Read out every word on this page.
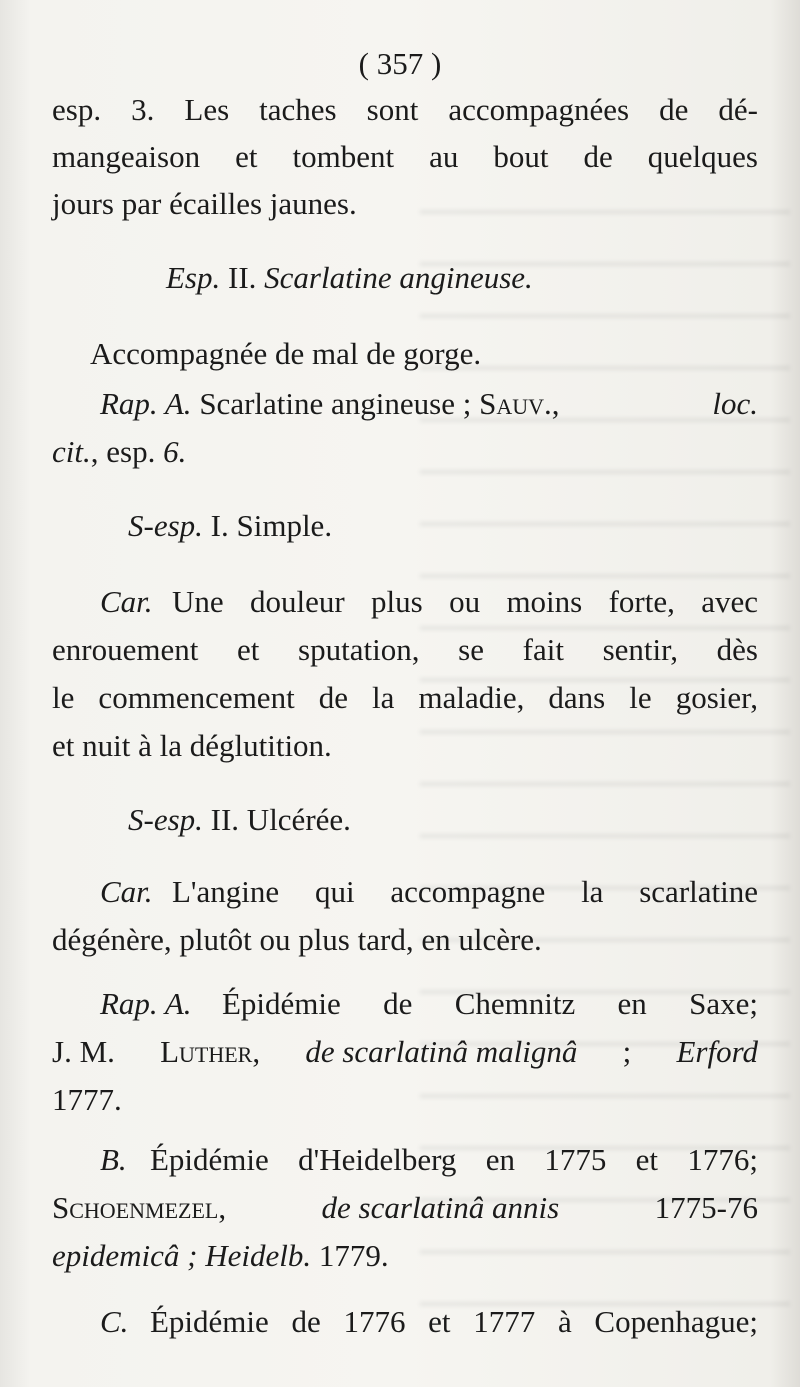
( 357 )
esp. 3. Les taches sont accompagnées de dé-
mangeaison et tombent au bout de quelques
jours par écailles jaunes.
Esp. II. Scarlatine angineuse.
Accompagnée de mal de gorge.
Rap. A. Scarlatine angineuse ; Sauv.,	loc.
cit., esp. 6.
S-esp. I. Simple.
Car. Une douleur plus ou moins forte, avec
enrouement et sputation, se fait sentir, dès
le commencement de la maladie, dans le gosier,
et nuit à la déglutition.
S-esp. II. Ulcérée.
Car. L'angine qui accompagne la scarlatine
dégénère, plutôt ou plus tard, en ulcère.
Rap. A. Épidémie de Chemnitz en Saxe;
J. M. Luther, de scarlatinâ malignâ ; Erford
1777.
B. Épidémie d'Heidelberg en 1775 et 1776;
Schoenmezel,	de scarlatinâ annis	1775-76
epidemicâ ; Heidelb. 1779.
C. Épidémie de 1776 et 1777 à Copenhague;
